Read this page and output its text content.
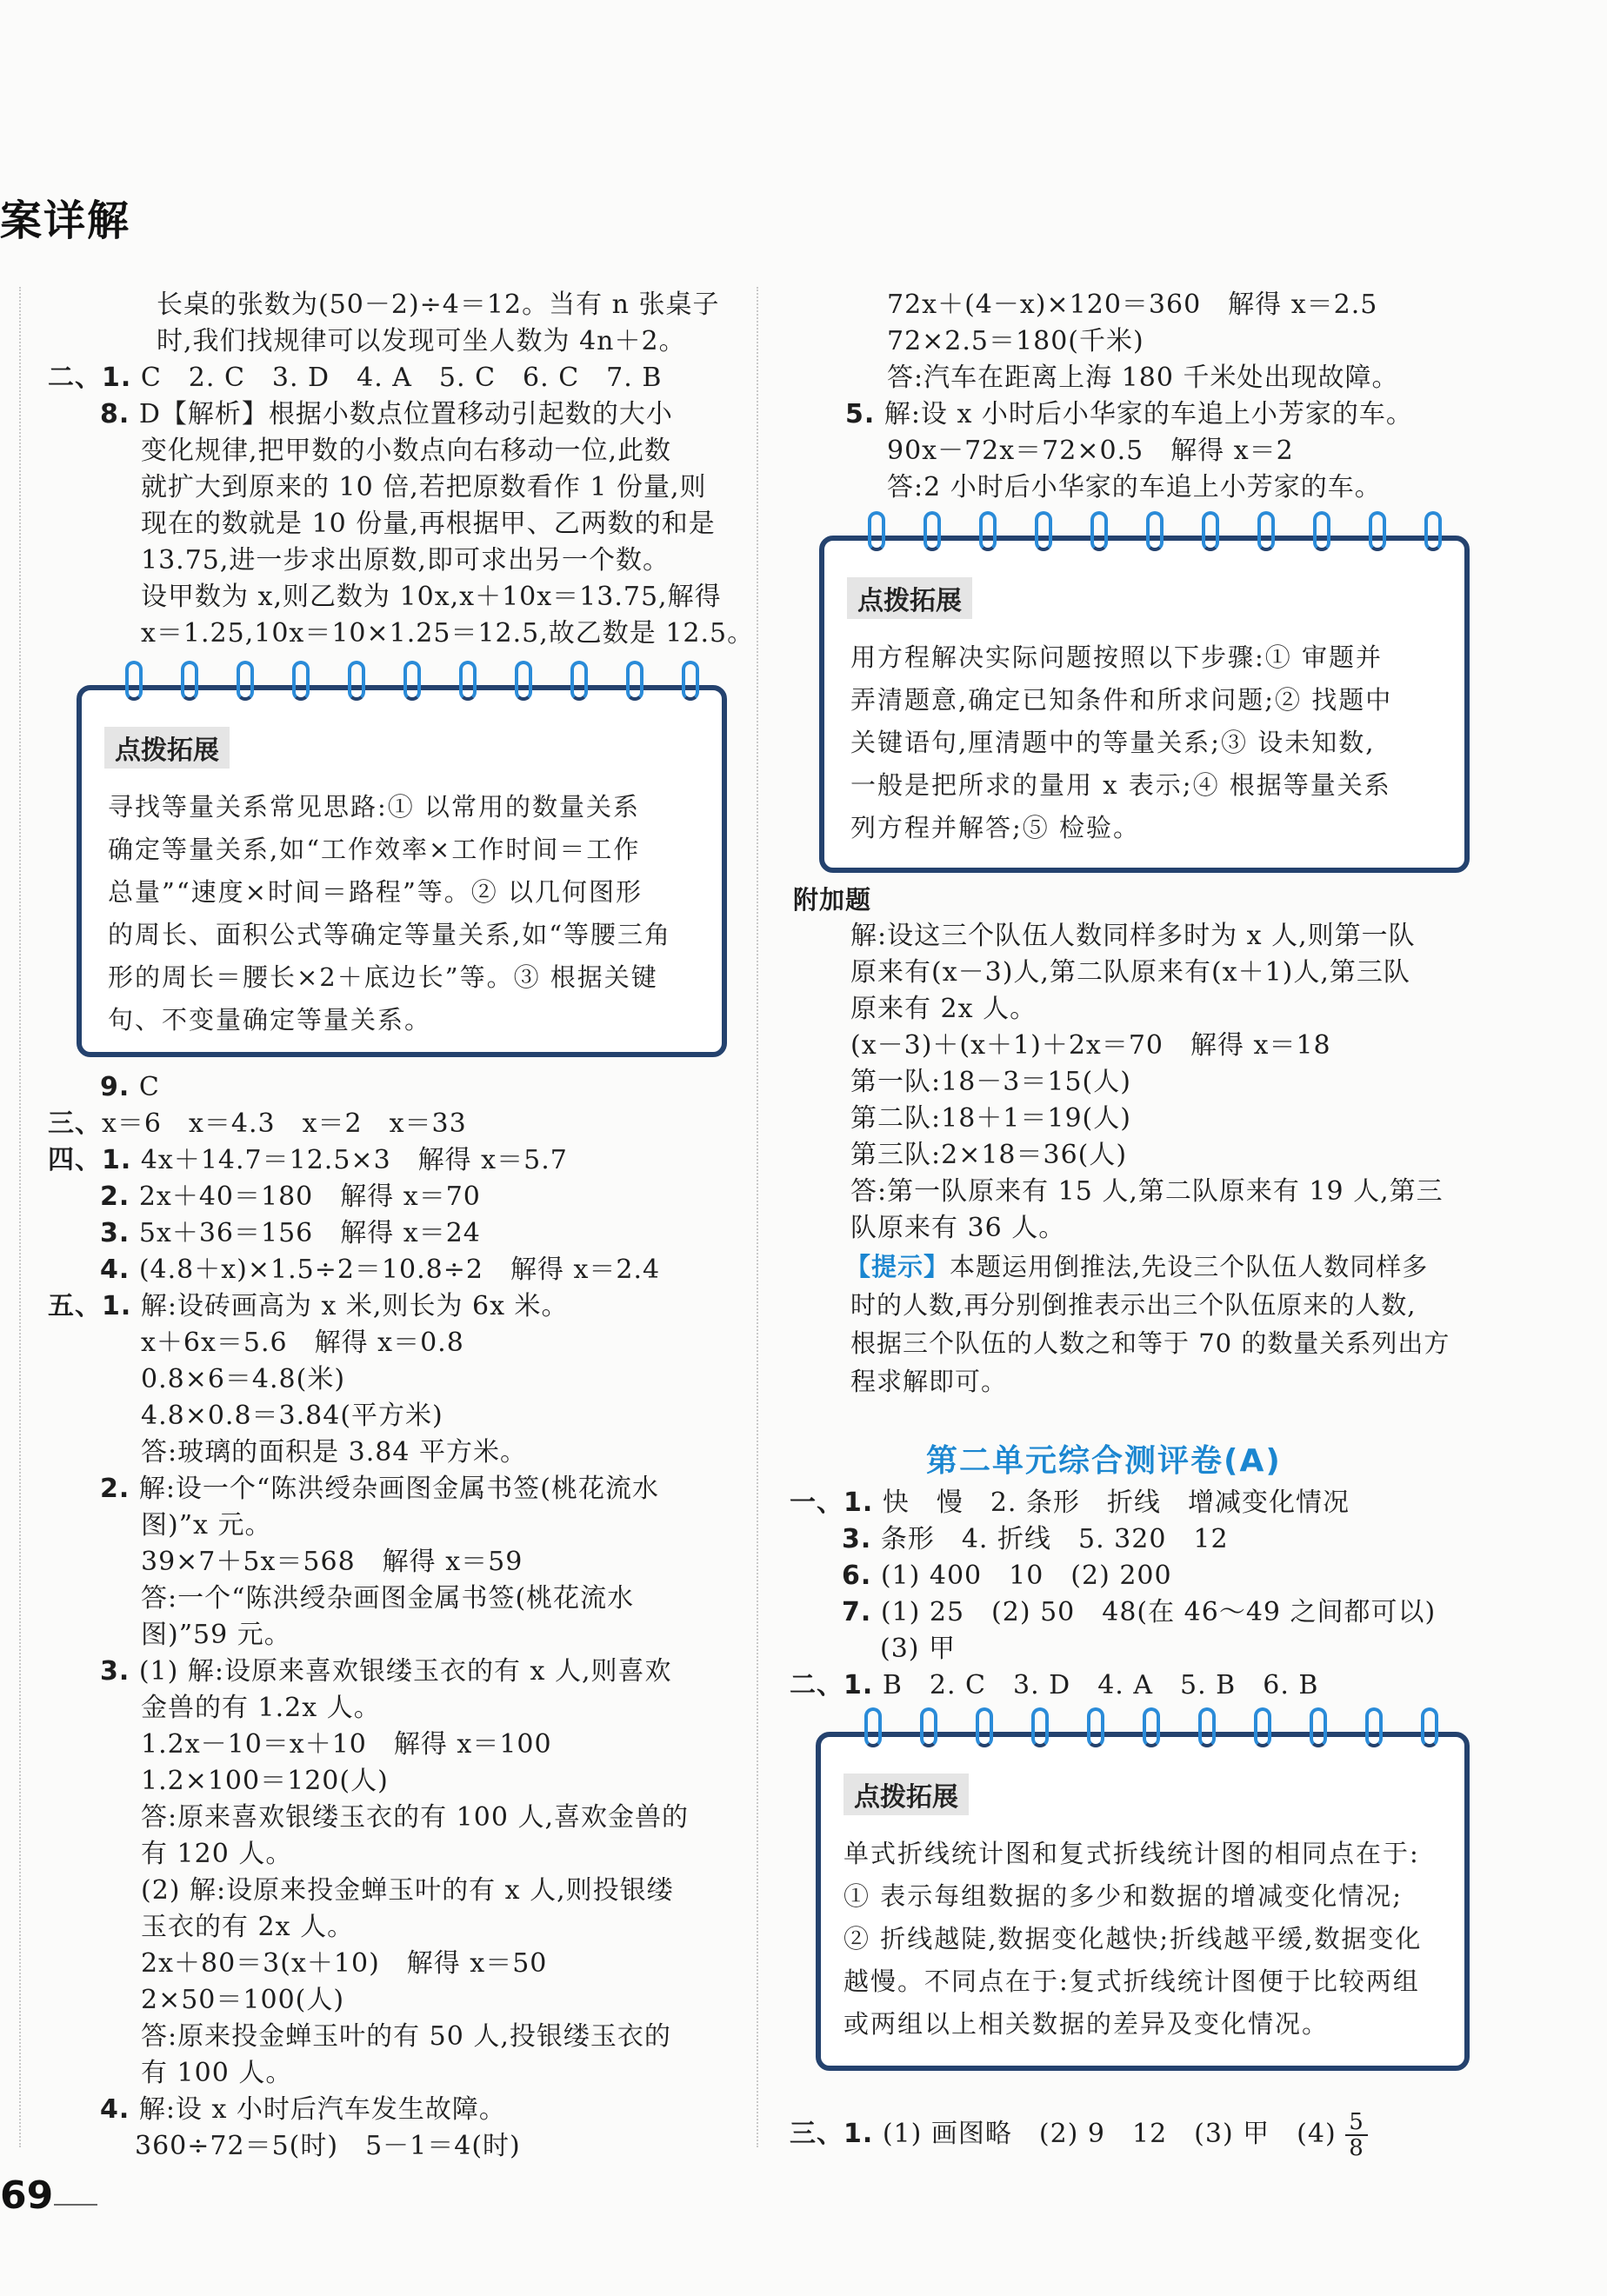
案详解
长桌的张数为(50－2)÷4＝12。当有 n 张桌子
时,我们找规律可以发现可坐人数为 4n＋2。
二、1. C　2. C　3. D　4. A　5. C　6. C　7. B
8. D【解析】根据小数点位置移动引起数的大小
变化规律,把甲数的小数点向右移动一位,此数
就扩大到原来的 10 倍,若把原数看作 1 份量,则
现在的数就是 10 份量,再根据甲、乙两数的和是
13.75,进一步求出原数,即可求出另一个数。
设甲数为 x,则乙数为 10x,x＋10x＝13.75,解得
x＝1.25,10x＝10×1.25＝12.5,故乙数是 12.5。
点拨拓展
寻找等量关系常见思路:① 以常用的数量关系
确定等量关系,如“工作效率×工作时间＝工作
总量”“速度×时间＝路程”等。② 以几何图形
的周长、面积公式等确定等量关系,如“等腰三角
形的周长＝腰长×2＋底边长”等。③ 根据关键
句、不变量确定等量关系。
9. C
三、x＝6　x＝4.3　x＝2　x＝33
四、1. 4x＋14.7＝12.5×3　解得 x＝5.7
2. 2x＋40＝180　解得 x＝70
3. 5x＋36＝156　解得 x＝24
4. (4.8＋x)×1.5÷2＝10.8÷2　解得 x＝2.4
五、1. 解:设砖画高为 x 米,则长为 6x 米。
x＋6x＝5.6　解得 x＝0.8
0.8×6＝4.8(米)
4.8×0.8＝3.84(平方米)
答:玻璃的面积是 3.84 平方米。
2. 解:设一个“陈洪绶杂画图金属书签(桃花流水
图)”x 元。
39×7＋5x＝568　解得 x＝59
答:一个“陈洪绶杂画图金属书签(桃花流水
图)”59 元。
3. (1) 解:设原来喜欢银缕玉衣的有 x 人,则喜欢
金兽的有 1.2x 人。
1.2x－10＝x＋10　解得 x＝100
1.2×100＝120(人)
答:原来喜欢银缕玉衣的有 100 人,喜欢金兽的
有 120 人。
(2) 解:设原来投金蝉玉叶的有 x 人,则投银缕
玉衣的有 2x 人。
2x＋80＝3(x＋10)　解得 x＝50
2×50＝100(人)
答:原来投金蝉玉叶的有 50 人,投银缕玉衣的
有 100 人。
4. 解:设 x 小时后汽车发生故障。
360÷72＝5(时)　5－1＝4(时)
69
72x＋(4－x)×120＝360　解得 x＝2.5
72×2.5＝180(千米)
答:汽车在距离上海 180 千米处出现故障。
5. 解:设 x 小时后小华家的车追上小芳家的车。
90x－72x＝72×0.5　解得 x＝2
答:2 小时后小华家的车追上小芳家的车。
点拨拓展
用方程解决实际问题按照以下步骤:① 审题并
弄清题意,确定已知条件和所求问题;② 找题中
关键语句,厘清题中的等量关系;③ 设未知数,
一般是把所求的量用 x 表示;④ 根据等量关系
列方程并解答;⑤ 检验。
附加题
解:设这三个队伍人数同样多时为 x 人,则第一队
原来有(x－3)人,第二队原来有(x＋1)人,第三队
原来有 2x 人。
(x－3)＋(x＋1)＋2x＝70　解得 x＝18
第一队:18－3＝15(人)
第二队:18＋1＝19(人)
第三队:2×18＝36(人)
答:第一队原来有 15 人,第二队原来有 19 人,第三
队原来有 36 人。
【提示】本题运用倒推法,先设三个队伍人数同样多
时的人数,再分别倒推表示出三个队伍原来的人数,
根据三个队伍的人数之和等于 70 的数量关系列出方
程求解即可。
第二单元综合测评卷(A)
一、1. 快　慢　2. 条形　折线　增减变化情况
3. 条形　4. 折线　5. 320　12
6. (1) 400　10　(2) 200
7. (1) 25　(2) 50　48(在 46～49 之间都可以)
(3) 甲
二、1. B　2. C　3. D　4. A　5. B　6. B
点拨拓展
单式折线统计图和复式折线统计图的相同点在于:
① 表示每组数据的多少和数据的增减变化情况;
② 折线越陡,数据变化越快;折线越平缓,数据变化
越慢。不同点在于:复式折线统计图便于比较两组
或两组以上相关数据的差异及变化情况。
三、1. (1) 画图略　(2) 9　12　(3) 甲　$(4) \frac{5}{8}$
